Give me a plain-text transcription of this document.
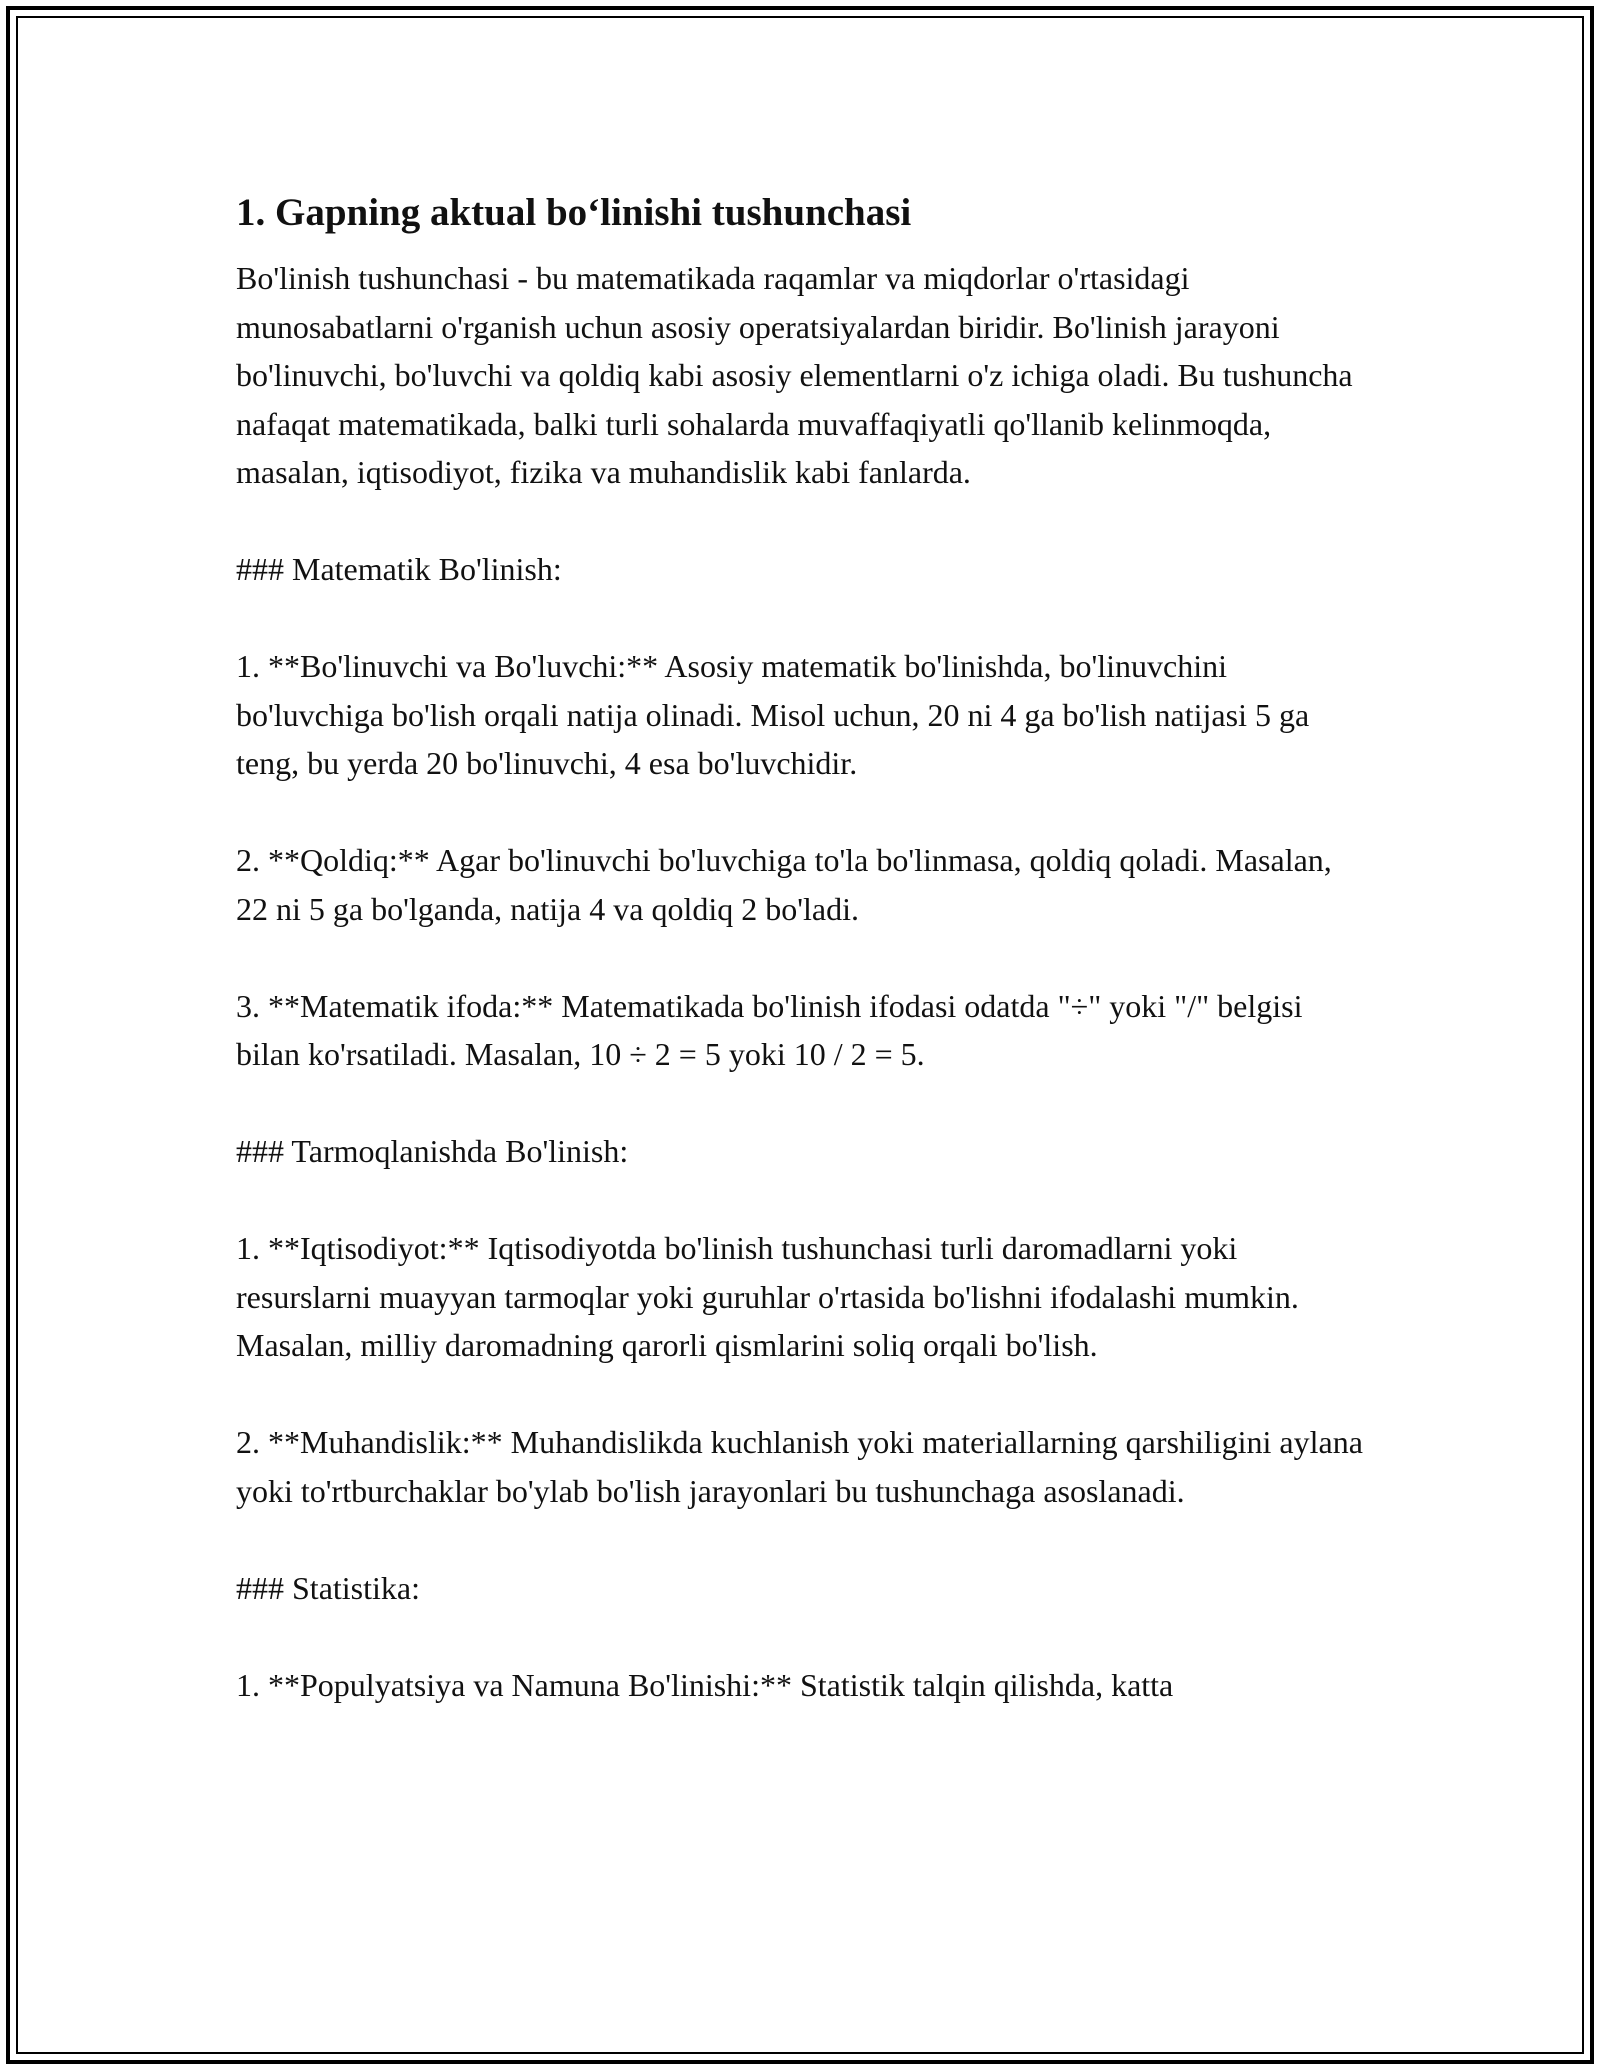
1. Gapning aktual bo‘linishi tushunchasi

Bo'linish tushunchasi - bu matematikada raqamlar va miqdorlar o'rtasidagi munosabatlarni o'rganish uchun asosiy operatsiyalardan biridir. Bo'linish jarayoni bo'linuvchi, bo'luvchi va qoldiq kabi asosiy elementlarni o'z ichiga oladi. Bu tushuncha nafaqat matematikada, balki turli sohalarda muvaffaqiyatli qo'llanib kelinmoqda, masalan, iqtisodiyot, fizika va muhandislik kabi fanlarda.

### Matematik Bo'linish:

1. **Bo'linuvchi va Bo'luvchi:** Asosiy matematik bo'linishda, bo'linuvchini bo'luvchiga bo'lish orqali natija olinadi. Misol uchun, 20 ni 4 ga bo'lish natijasi 5 ga teng, bu yerda 20 bo'linuvchi, 4 esa bo'luvchidir.

2. **Qoldiq:** Agar bo'linuvchi bo'luvchiga to'la bo'linmasa, qoldiq qoladi. Masalan, 22 ni 5 ga bo'lganda, natija 4 va qoldiq 2 bo'ladi.

3. **Matematik ifoda:** Matematikada bo'linish ifodasi odatda "÷" yoki "/" belgisi bilan ko'rsatiladi. Masalan, 10 ÷ 2 = 5 yoki 10 / 2 = 5.

### Tarmoqlanishda Bo'linish:

1. **Iqtisodiyot:** Iqtisodiyotda bo'linish tushunchasi turli daromadlarni yoki resurslarni muayyan tarmoqlar yoki guruhlar o'rtasida bo'lishni ifodalashi mumkin. Masalan, milliy daromadning qarorli qismlarini soliq orqali bo'lish.

2. **Muhandislik:** Muhandislikda kuchlanish yoki materiallarning qarshiligini aylana yoki to'rtburchaklar bo'ylab bo'lish jarayonlari bu tushunchaga asoslanadi.

### Statistika:

1. **Populyatsiya va Namuna Bo'linishi:** Statistik talqin qilishda, katta
